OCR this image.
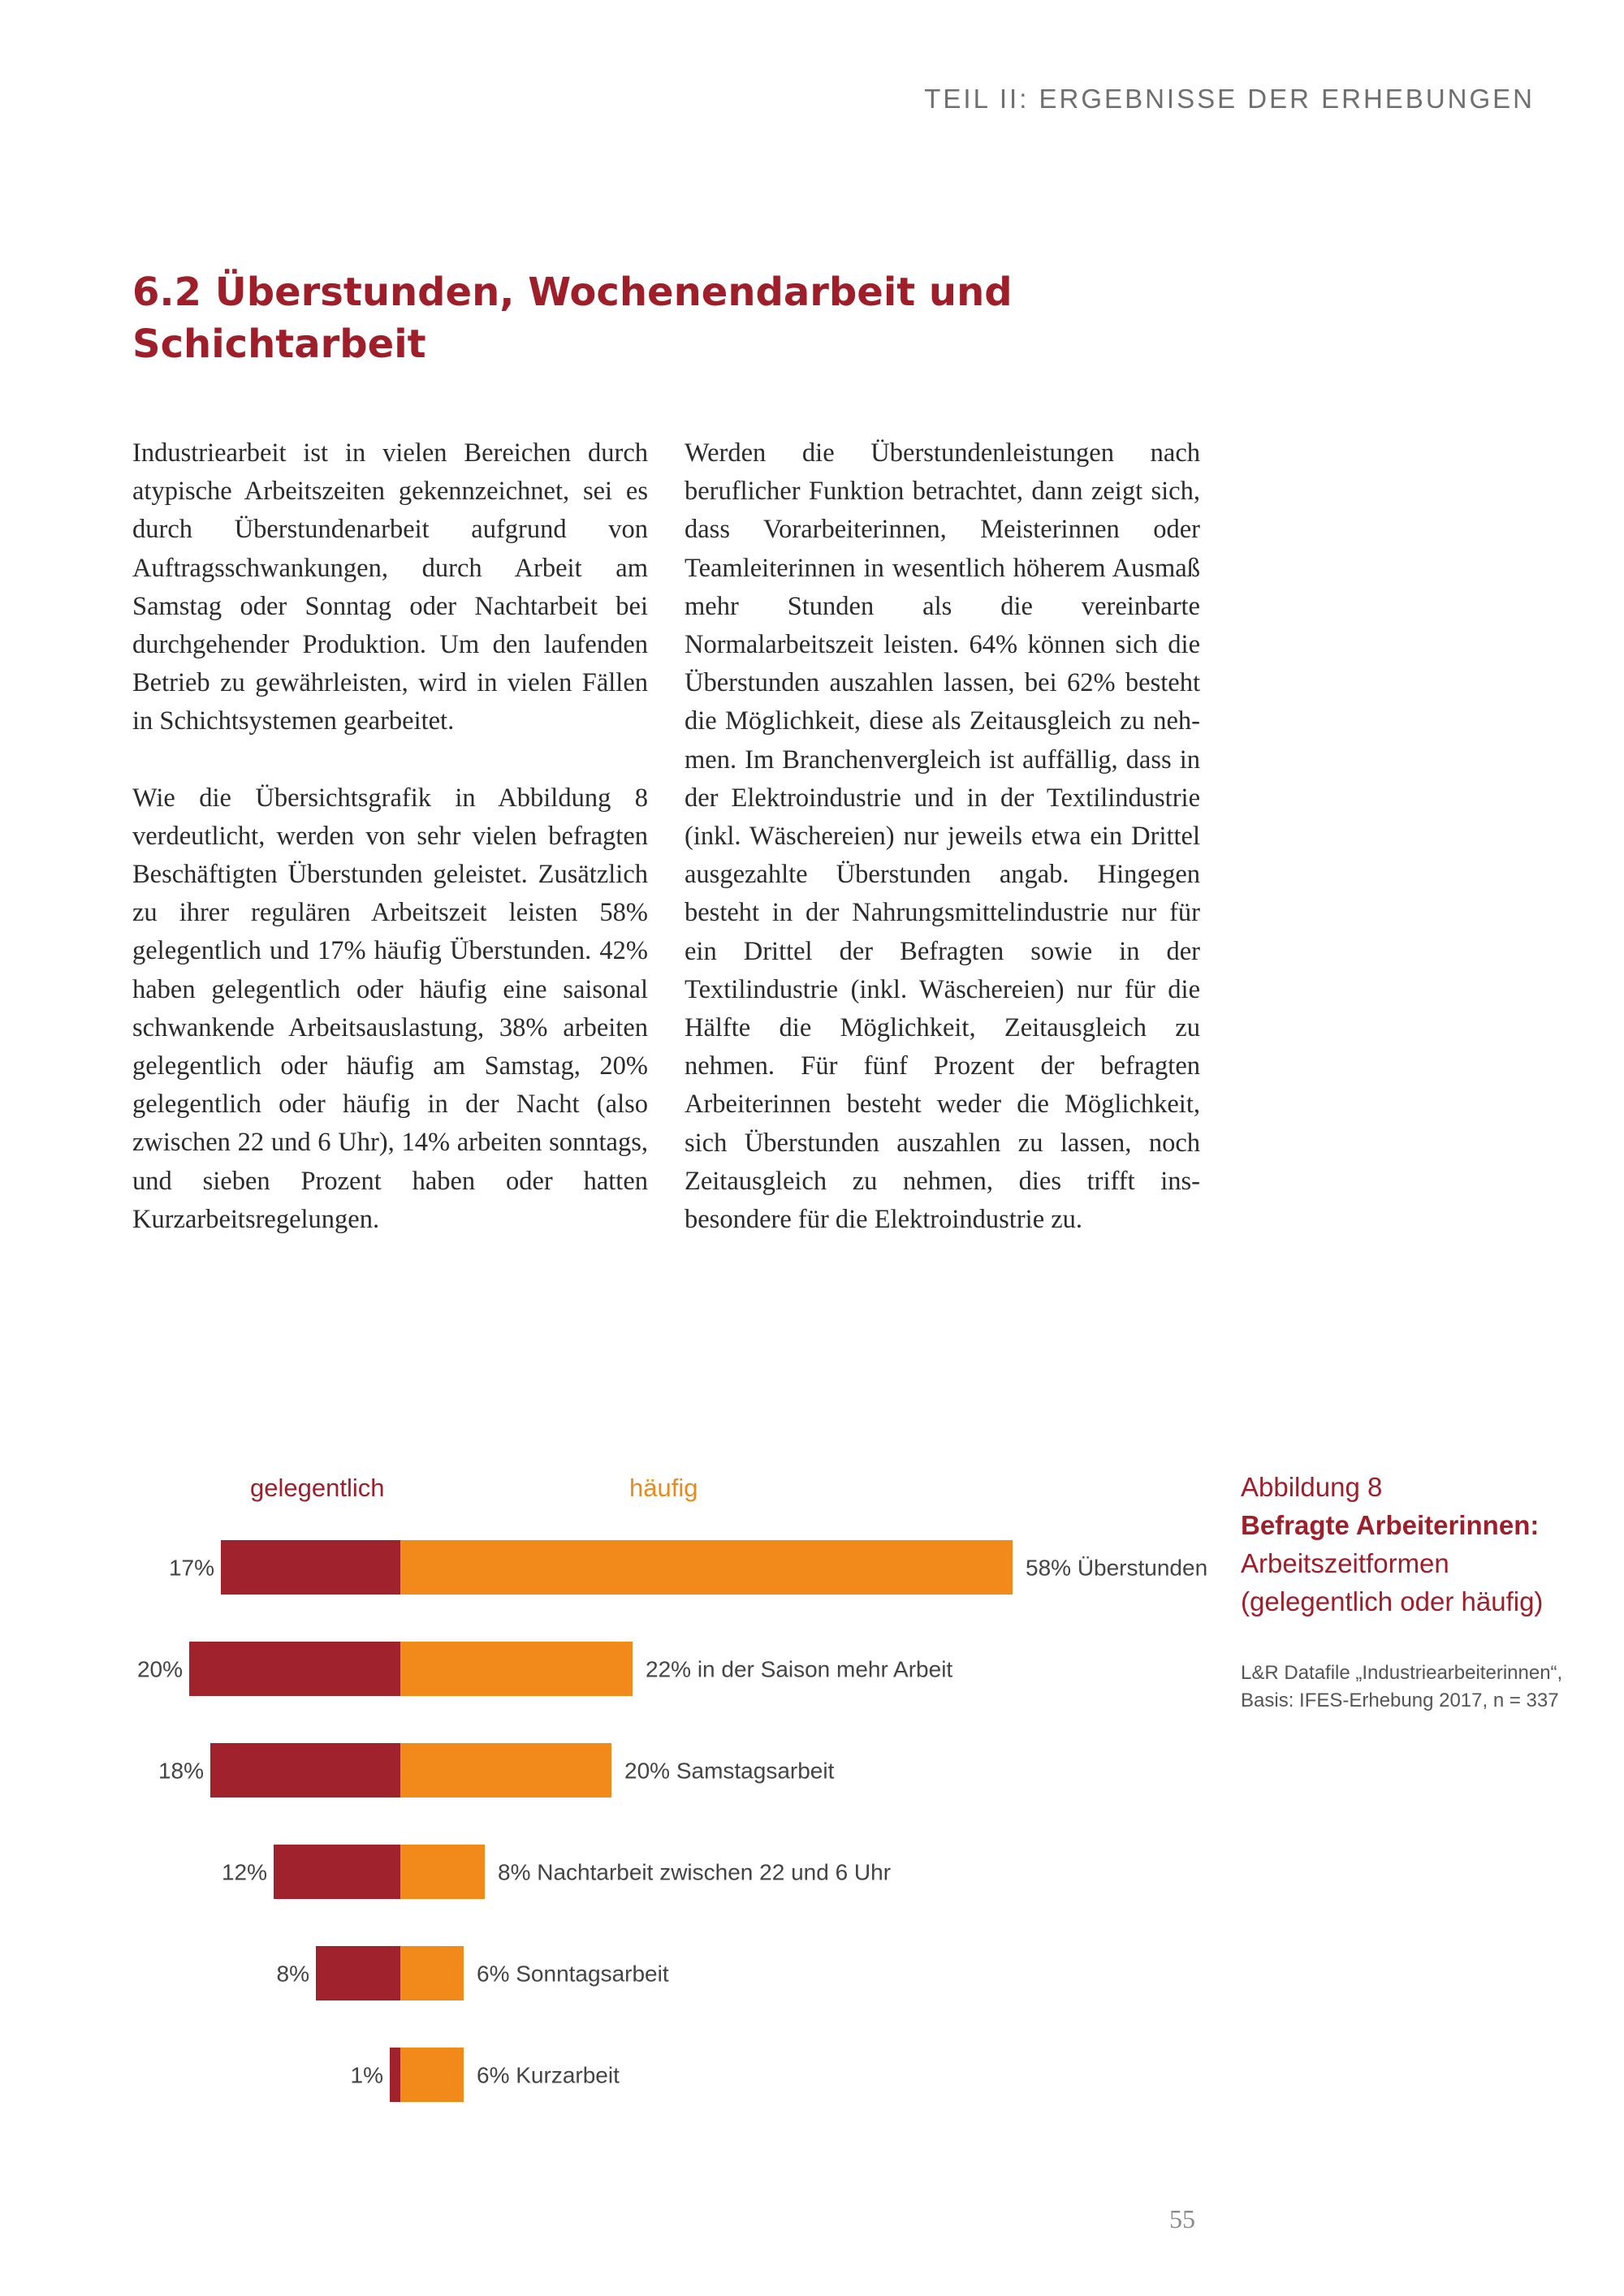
TEIL II: ERGEBNISSE DER ERHEBUNGEN
6.2 Überstunden, Wochenendarbeit und Schichtarbeit

Industriearbeit ist in vielen Bereichen durch atypische Arbeitszeiten gekennzeichnet, sei es durch Überstundenarbeit aufgrund von Auftragsschwankungen, durch Arbeit am Samstag oder Sonntag oder Nachtarbeit bei durchgehender Produktion. Um den laufenden Betrieb zu gewährleisten, wird in vielen Fällen in Schichtsystemen gearbeitet.

Wie die Übersichtsgrafik in Abbildung 8 verdeutlicht, werden von sehr vielen befragten Beschäftigten Überstunden geleistet. Zusätzlich zu ihrer regulären Arbeitszeit leisten 58% gelegentlich und 17% häufig Überstunden. 42% haben gelegentlich oder häufig eine saisonal schwankende Arbeitsauslastung, 38% arbeiten gelegentlich oder häufig am Samstag, 20% gelegentlich oder häufig in der Nacht (also zwischen 22 und 6 Uhr), 14% arbeiten sonntags, und sieben Prozent haben oder hatten Kurzarbeitsregelungen.

Werden die Überstundenleistungen nach beruflicher Funktion betrachtet, dann zeigt sich, dass Vorarbeiterinnen, Meisterinnen oder Teamleiterinnen in wesentlich höherem Ausmaß mehr Stunden als die vereinbarte Normalarbeitszeit leisten. 64% können sich die Überstunden auszahlen lassen, bei 62% besteht die Möglichkeit, diese als Zeitausgleich zu nehmen. Im Branchenvergleich ist auffällig, dass in der Elektroindustrie und in der Textilindustrie (inkl. Wäschereien) nur jeweils etwa ein Drittel ausgezahlte Überstunden angab. Hingegen besteht in der Nahrungsmittelindustrie nur für ein Drittel der Befragten sowie in der Textilindustrie (inkl. Wäschereien) nur für die Hälfte die Möglichkeit, Zeitausgleich zu nehmen. Für fünf Prozent der befragten Arbeiterinnen besteht weder die Möglichkeit, sich Überstunden auszahlen zu lassen, noch Zeitausgleich zu nehmen, dies trifft insbesondere für die Elektroindustrie zu.

gelegentlich	häufig
17%	58% Überstunden
20%	22% in der Saison mehr Arbeit
18%	20% Samstagsarbeit
12%	8% Nachtarbeit zwischen 22 und 6 Uhr
8%	6% Sonntagsarbeit
1%	6% Kurzarbeit

Abbildung 8

Befragte Arbeiterinnen:

Arbeitszeitformen (gelegentlich oder häufig)

L&R Datafile „Industriearbeiterinnen“, Basis: IFES-Erhebung 2017, n = 337
55
